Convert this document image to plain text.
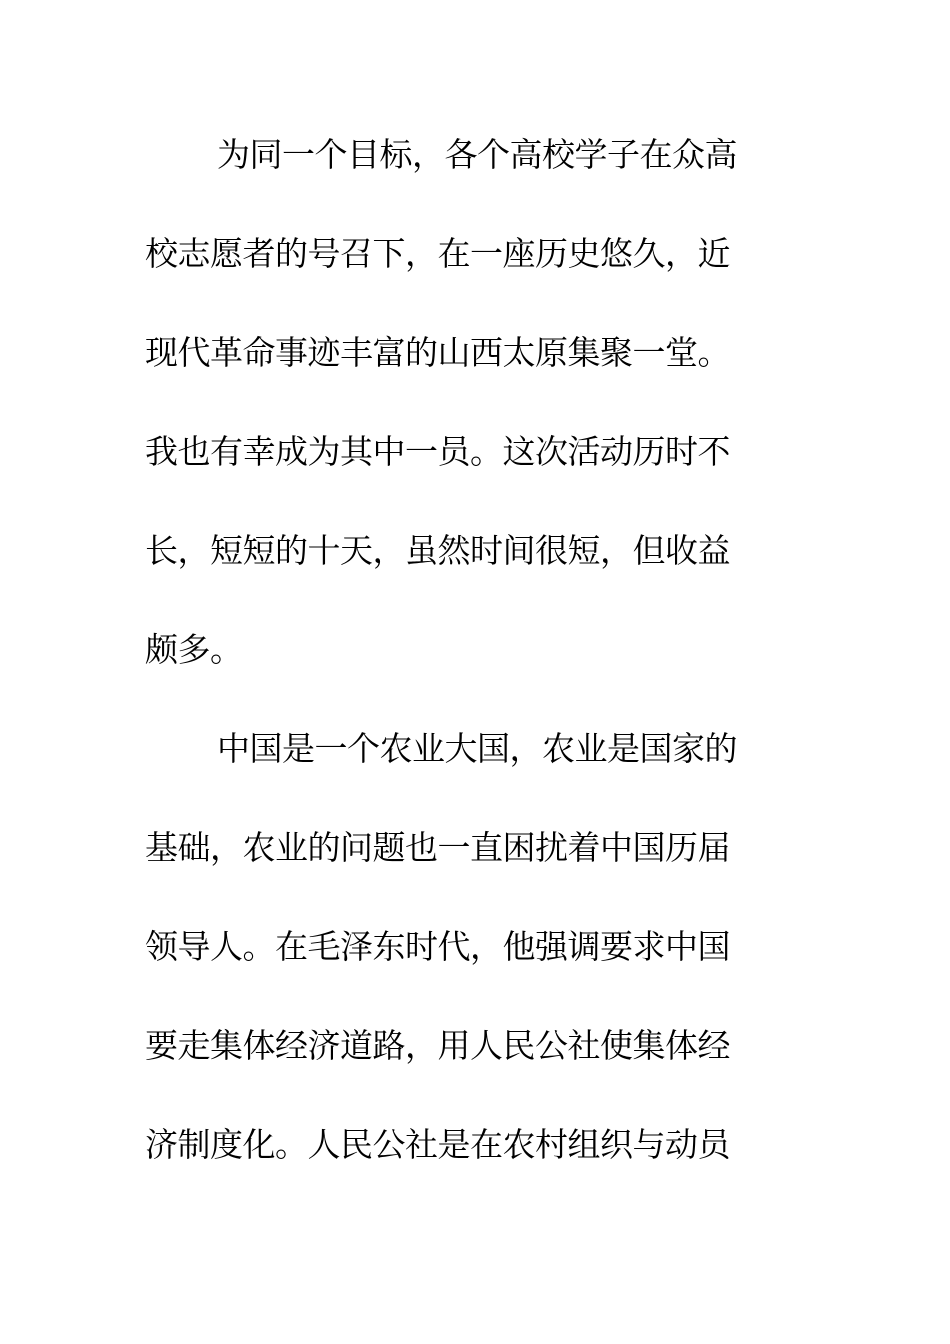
为同一个目标，各个高校学子在众高
校志愿者的号召下，在一座历史悠久，近
现代革命事迹丰富的山西太原集聚一堂。
我也有幸成为其中一员。这次活动历时不
长，短短的十天，虽然时间很短，但收益
颇多。
中国是一个农业大国，农业是国家的
基础，农业的问题也一直困扰着中国历届
领导人。在毛泽东时代，他强调要求中国
要走集体经济道路，用人民公社使集体经
济制度化。人民公社是在农村组织与动员
